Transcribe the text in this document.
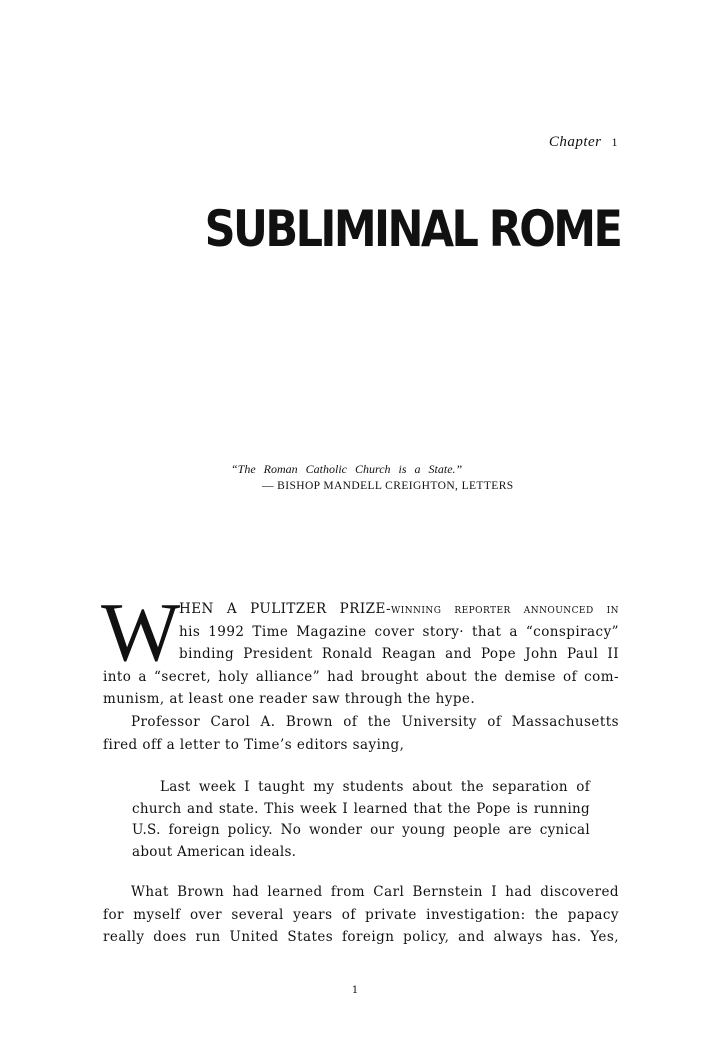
Chapter 1
SUBLIMINAL ROME
“The Roman Catholic Church is a State.”
— BISHOP MANDELL CREIGHTON, LETTERS
W
HEN A PULITZER PRIZE-winning reporter announced in
his 1992 Time Magazine cover story· that a “conspiracy”
binding President Ronald Reagan and Pope John Paul II
into a “secret, holy alliance” had brought about the demise of com-
munism, at least one reader saw through the hype.
Professor Carol A. Brown of the University of Massachusetts
fired off a letter to Time’s editors saying,
Last week I taught my students about the separation of
church and state. This week I learned that the Pope is running
U.S. foreign policy. No wonder our young people are cynical
about American ideals.
What Brown had learned from Carl Bernstein I had discovered
for myself over several years of private investigation: the papacy
really does run United States foreign policy, and always has. Yes,
1
